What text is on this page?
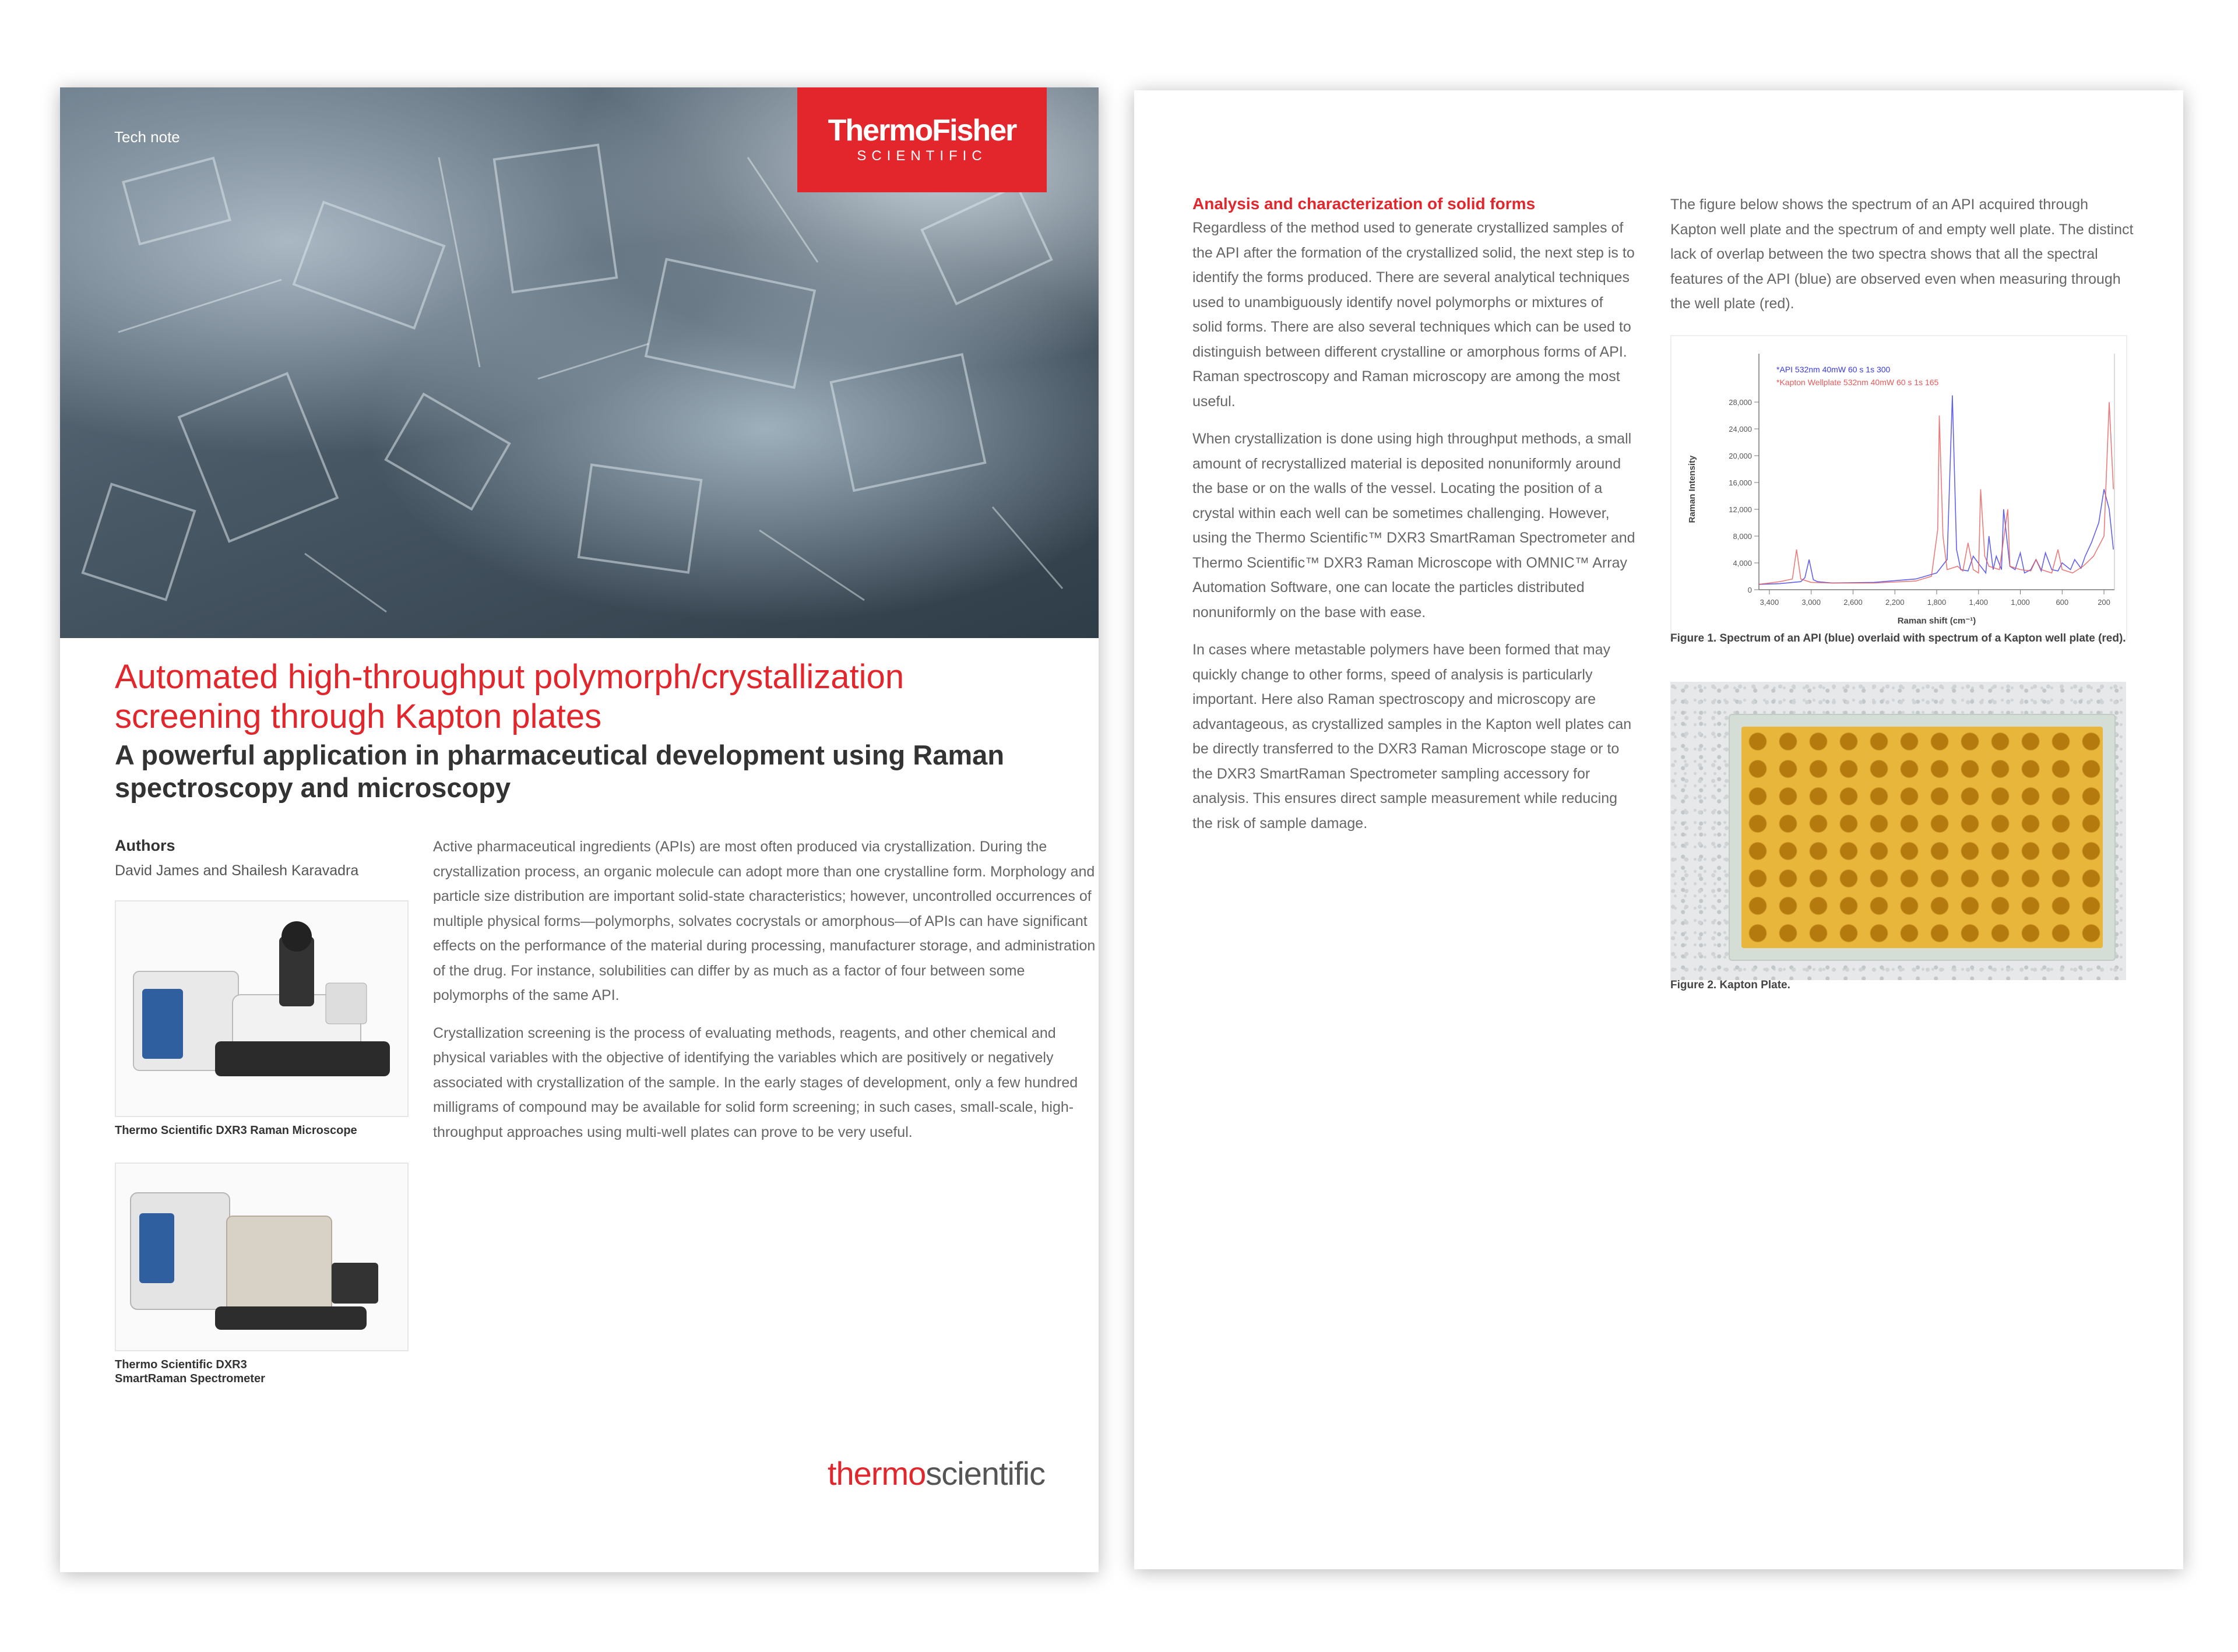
Tech note	ThermoFisher
SCIENTIFIC
Automated high-throughput polymorph/crystallization screening through Kapton plates
A powerful application in pharmaceutical development using Raman spectroscopy and microscopy
Authors
David James and Shailesh Karavadra
Thermo Scientific DXR3 Raman Microscope
Thermo Scientific DXR3
SmartRaman Spectrometer

Active pharmaceutical ingredients (APIs) are most often produced via crystallization. During the crystallization process, an organic molecule can adopt more than one crystalline form. Morphology and particle size distribution are important solid-state characteristics; however, uncontrolled occurrences of multiple physical forms—polymorphs, solvates cocrystals or amorphous—of APIs can have significant effects on the performance of the material during processing, manufacturer storage, and administration of the drug. For instance, solubilities can differ by as much as a factor of four between some polymorphs of the same API.

Crystallization screening is the process of evaluating methods, reagents, and other chemical and physical variables with the objective of identifying the variables which are positively or negatively associated with crystallization of the sample. In the early stages of development, only a few hundred milligrams of compound may be available for solid form screening; in such cases, small-scale, high-throughput approaches using multi-well plates can prove to be very useful.

thermoscientific
Analysis and characterization of solid forms

Regardless of the method used to generate crystallized samples of the API after the formation of the crystallized solid, the next step is to identify the forms produced. There are several analytical techniques used to unambiguously identify novel polymorphs or mixtures of solid forms. There are also several techniques which can be used to distinguish between different crystalline or amorphous forms of API. Raman spectroscopy and Raman microscopy are among the most useful.

When crystallization is done using high throughput methods, a small amount of recrystallized material is deposited nonuniformly around the base or on the walls of the vessel. Locating the position of a crystal within each well can be sometimes challenging. However, using the Thermo Scientific™ DXR3 SmartRaman Spectrometer and Thermo Scientific™ DXR3 Raman Microscope with OMNIC™ Array Automation Software, one can locate the particles distributed nonuniformly on the base with ease.

In cases where metastable polymers have been formed that may quickly change to other forms, speed of analysis is particularly important. Here also Raman spectroscopy and microscopy are advantageous, as crystallized samples in the Kapton well plates can be directly transferred to the DXR3 Raman Microscope stage or to the DXR3 SmartRaman Spectrometer sampling accessory for analysis. This ensures direct sample measurement while reducing the risk of sample damage.

The figure below shows the spectrum of an API acquired through Kapton well plate and the spectrum of and empty well plate. The distinct lack of overlap between the two spectra shows that all the spectral features of the API (blue) are observed even when measuring through the well plate (red).

0
4,000
8,000
12,000
16,000
20,000
24,000
28,000
3,400	3,000	2,600	2,200	1,800	1,400	1,000	600	200
Raman shift (cm⁻¹)
Raman Intensity
*API 532nm 40mW 60 s 1s 300
*Kapton Wellplate 532nm 40mW 60 s 1s 165
Figure 1. Spectrum of an API (blue) overlaid with spectrum of a Kapton well plate (red).
Figure 2. Kapton Plate.
